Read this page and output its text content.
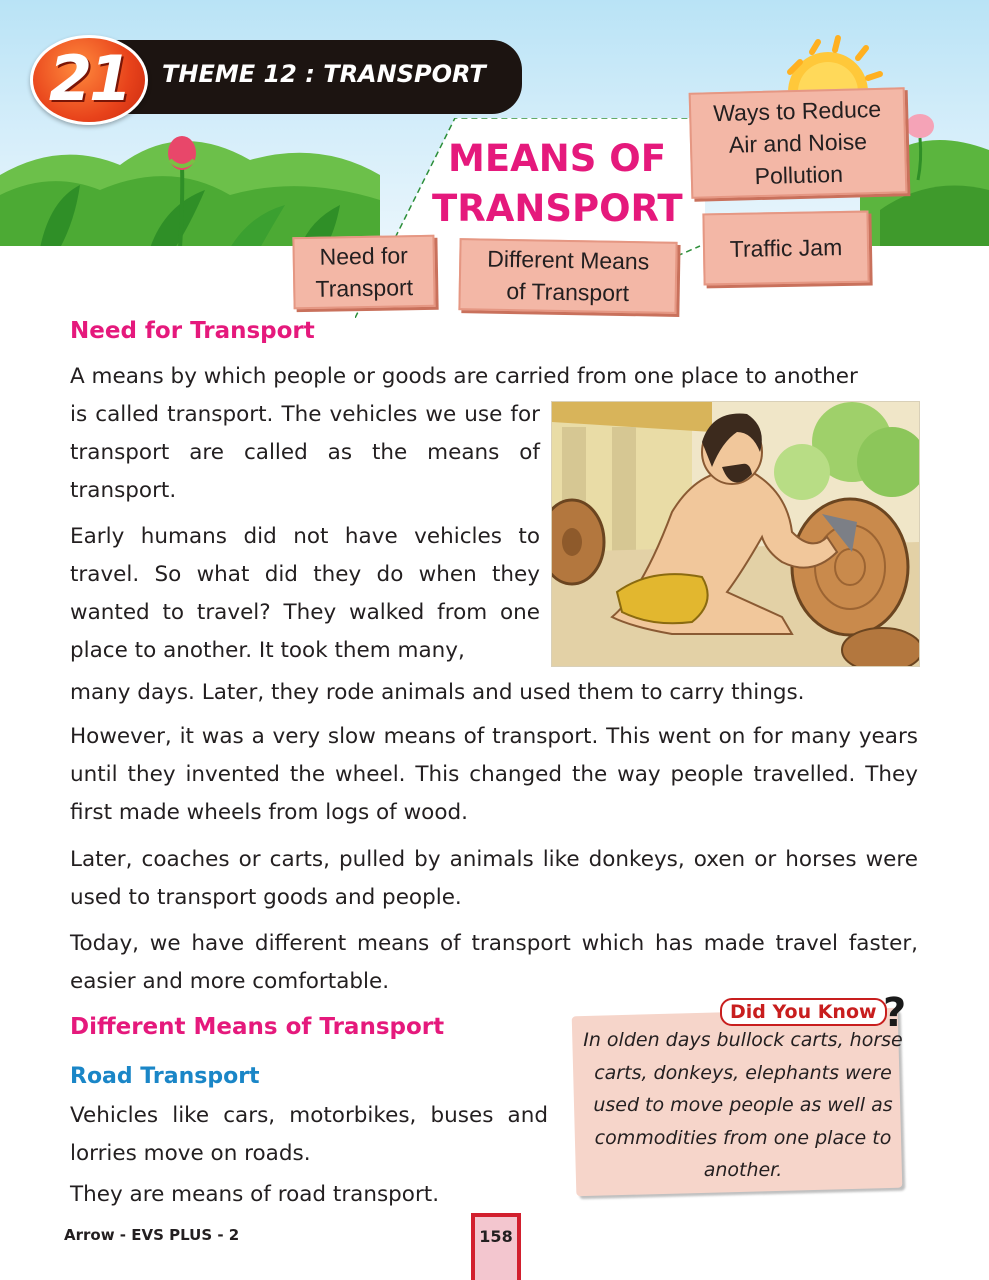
21	THEME 12 : TRANSPORT
MEANS OF
TRANSPORT
Ways to Reduce
Air and Noise
Pollution
Traffic Jam
Need for
Transport
Different Means
of Transport
Need for Transport

A means by which people or goods are carried from one place to another

is called transport. The vehicles we use for transport are called as the means of transport.

Early humans did not have vehicles to travel. So what did they do when they wanted to travel? They walked from one place to another. It took them many,

many days. Later, they rode animals and used them to carry things.

However, it was a very slow means of transport. This went on for many years until they invented the wheel. This changed the way people travelled. They first made wheels from logs of wood.

Later, coaches or carts, pulled by animals like donkeys, oxen or horses were used to transport goods and people.

Today, we have different means of transport which has made travel faster, easier and more comfortable.

Different Means of Transport
Road Transport

Vehicles like cars, motorbikes, buses and lorries move on roads.

They are means of road transport.

Did You Know ?
In olden days bullock carts, horse carts, donkeys, elephants were used to move people as well as commodities from one place to another.
Arrow - EVS PLUS - 2	158
